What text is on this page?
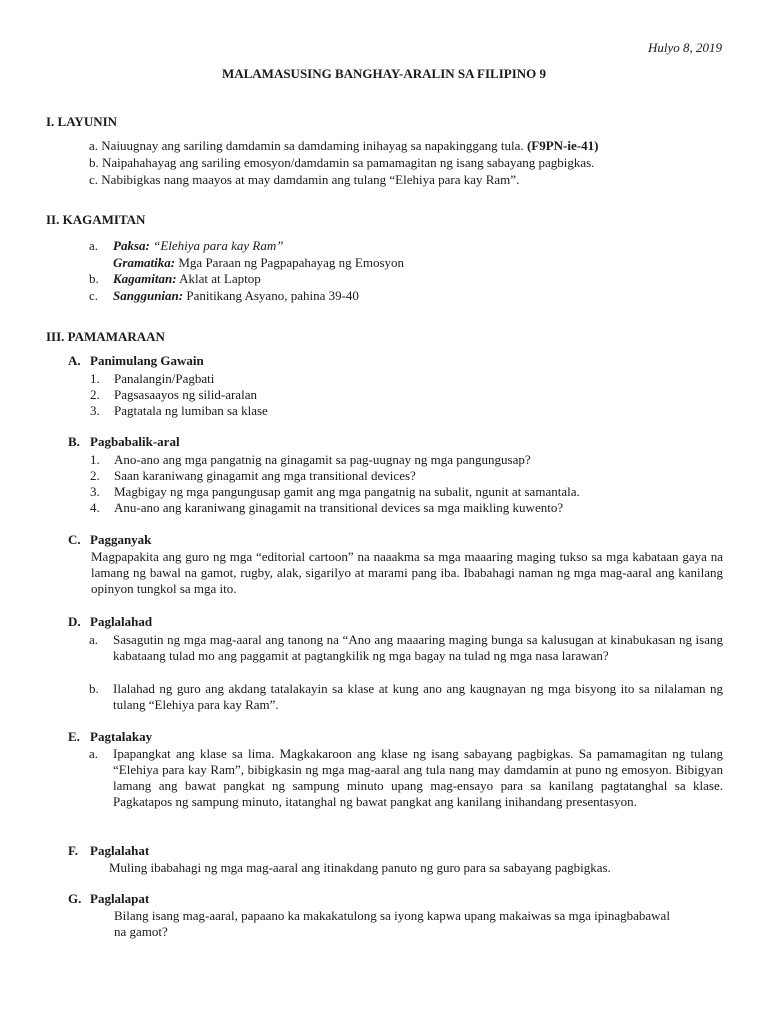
Hulyo 8, 2019
MALAMASUSING BANGHAY-ARALIN SA FILIPINO 9
I. LAYUNIN
a. Naiuugnay ang sariling damdamin sa damdaming inihayag sa napakinggang tula. (F9PN-ie-41)
b. Naipahahayag ang sariling emosyon/damdamin sa pamamagitan ng isang sabayang pagbigkas.
c. Nabibigkas nang maayos at may damdamin ang tulang “Elehiya para kay Ram”.
II. KAGAMITAN
a. Paksa: “Elehiya para kay Ram”
Gramatika: Mga Paraan ng Pagpapahayag ng Emosyon
b. Kagamitan: Aklat at Laptop
c. Sanggunian: Panitikang Asyano, pahina 39-40
III. PAMAMARAAN
A. Panimulang Gawain
1. Panalangin/Pagbati
2. Pagsasaayos ng silid-aralan
3. Pagtatala ng lumiban sa klase
B. Pagbabalik-aral
1. Ano-ano ang mga pangatnig na ginagamit sa pag-uugnay ng mga pangungusap?
2. Saan karaniwang ginagamit ang mga transitional devices?
3. Magbigay ng mga pangungusap gamit ang mga pangatnig na subalit, ngunit at samantala.
4. Anu-ano ang karaniwang ginagamit na transitional devices sa mga maikling kuwento?
C. Pagganyak
Magpapakita ang guro ng mga “editorial cartoon” na naaakma sa mga maaaring maging tukso sa mga kabataan gaya na lamang ng bawal na gamot, rugby, alak, sigarilyo at marami pang iba. Ibabahagi naman ng mga mag-aaral ang kanilang opinyon tungkol sa mga ito.
D. Paglalahad
a. Sasagutin ng mga mag-aaral ang tanong na “Ano ang maaaring maging bunga sa kalusugan at kinabukasan ng isang kabataang tulad mo ang paggamit at pagtangkilik ng mga bagay na tulad ng mga nasa larawan?
b. Ilalahad ng guro ang akdang tatalakayin sa klase at kung ano ang kaugnayan ng mga bisyong ito sa nilalaman ng tulang “Elehiya para kay Ram”.
E. Pagtalakay
a. Ipapangkat ang klase sa lima. Magkakaroon ang klase ng isang sabayang pagbigkas. Sa pamamagitan ng tulang “Elehiya para kay Ram”, bibigkasin ng mga mag-aaral ang tula nang may damdamin at puno ng emosyon. Bibigyan lamang ang bawat pangkat ng sampung minuto upang mag-ensayo para sa kanilang pagtatanghal sa klase. Pagkatapos ng sampung minuto, itatanghal ng bawat pangkat ang kanilang inihandang presentasyon.
F. Paglalahat
Muling ibabahagi ng mga mag-aaral ang itinakdang panuto ng guro para sa sabayang pagbigkas.
G. Paglalapat
Bilang isang mag-aaral, papaano ka makakatulong sa iyong kapwa upang makaiwas sa mga ipinagbabawal na gamot?
